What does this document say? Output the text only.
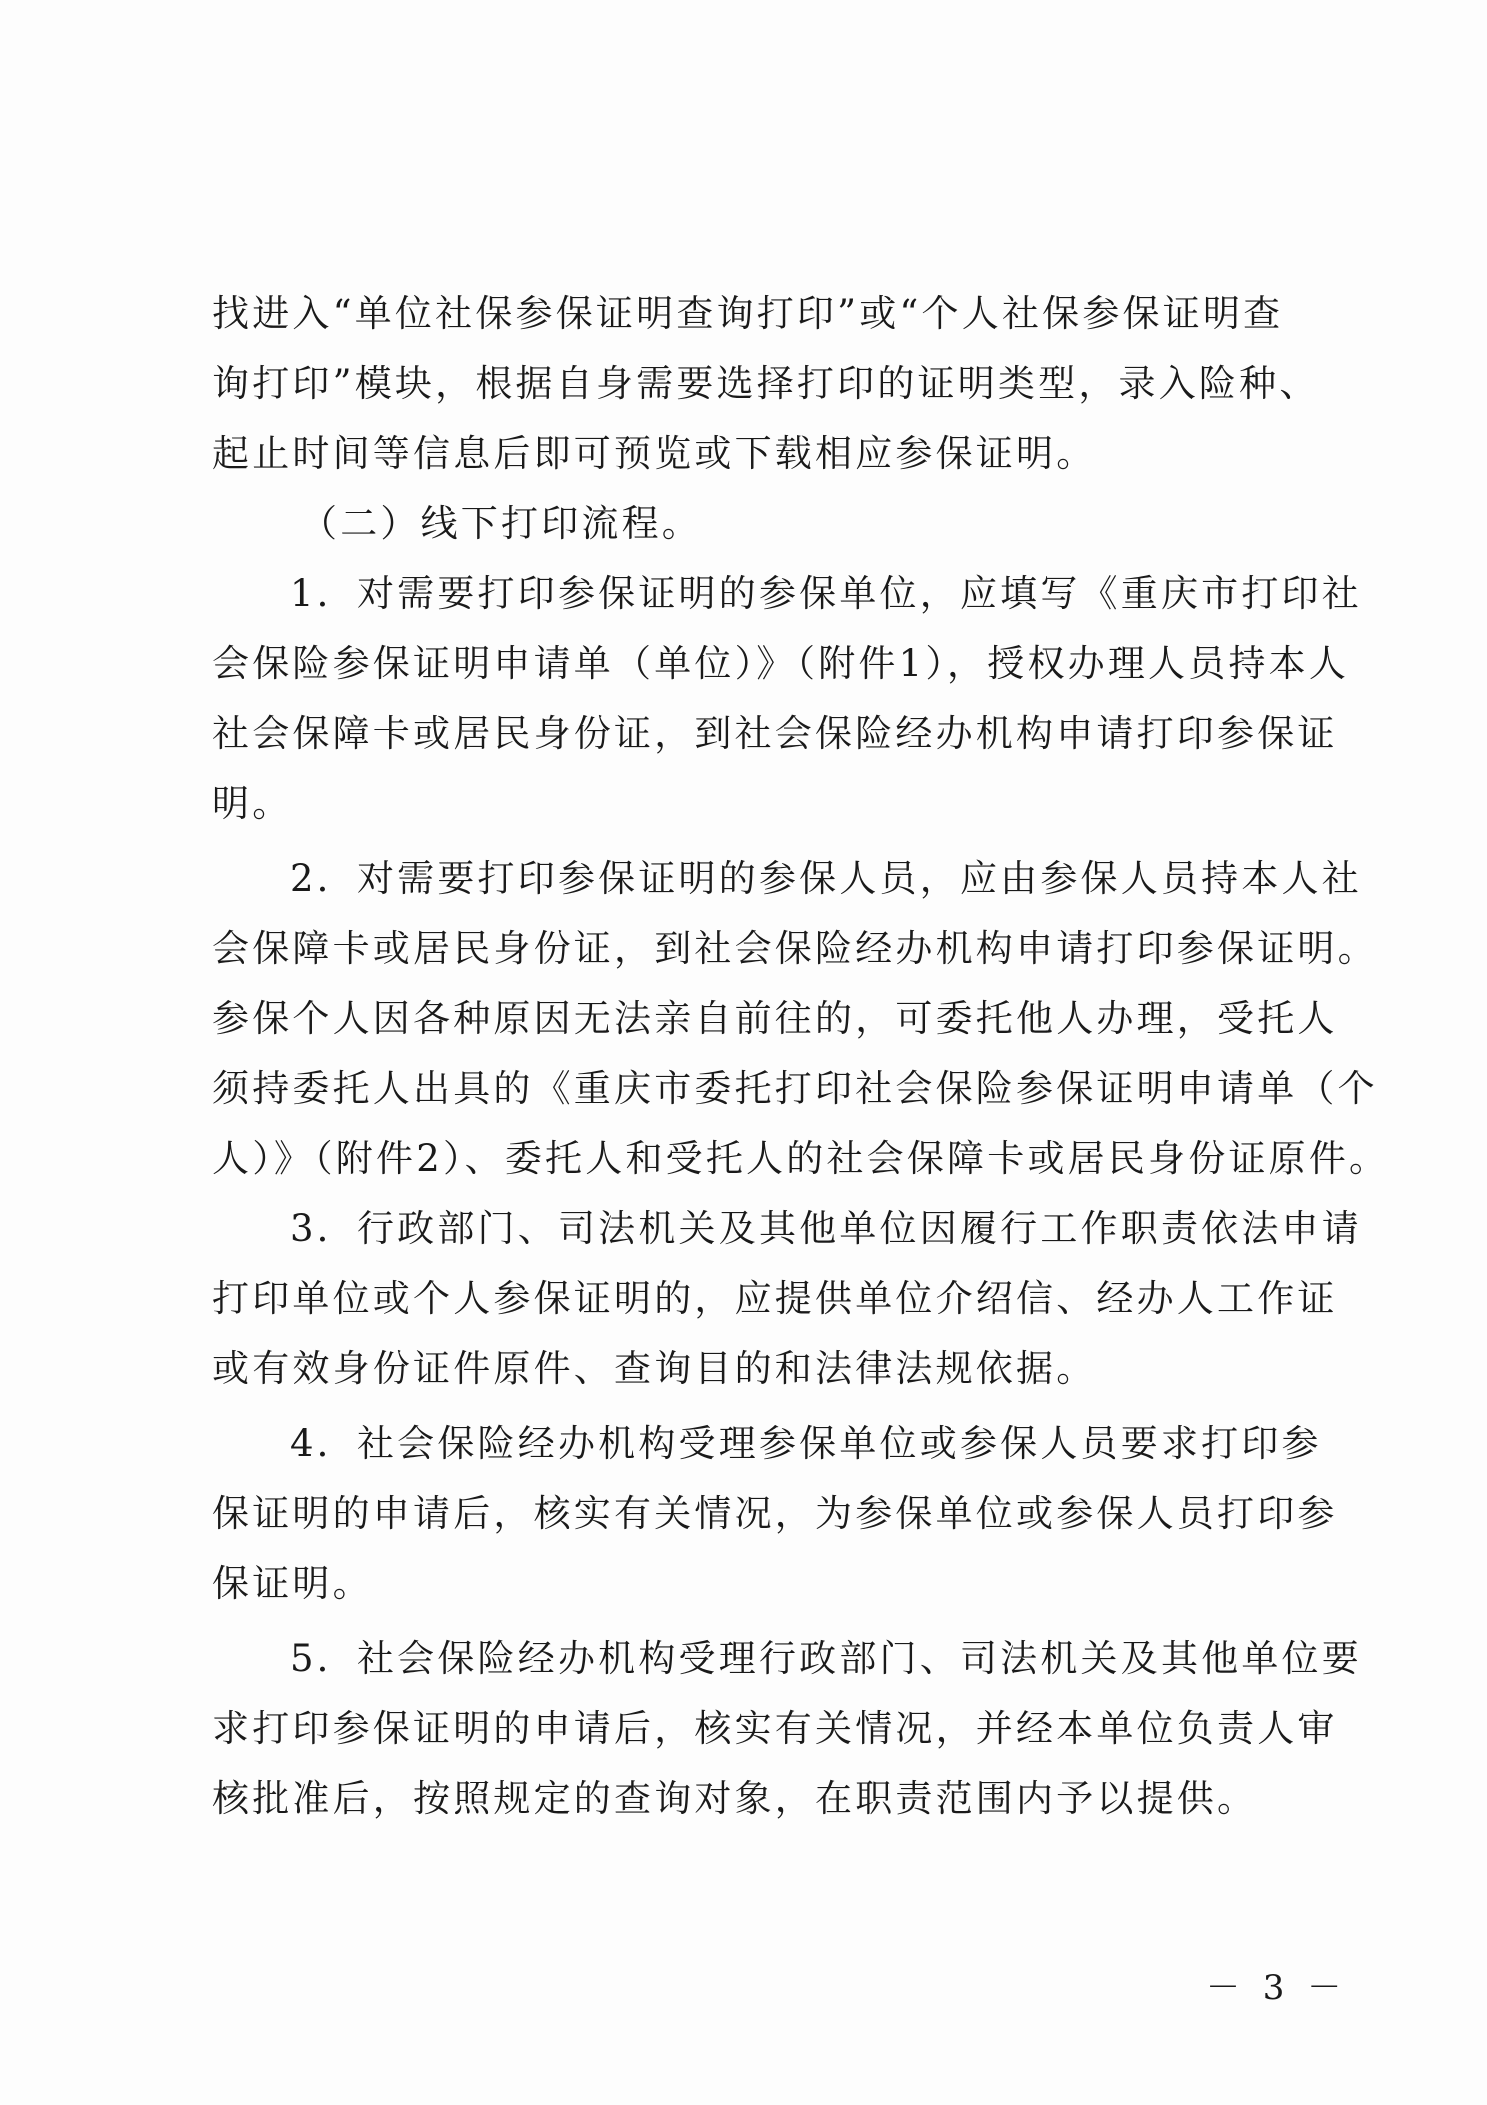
找进入“单位社保参保证明查询打印”或“个人社保参保证明查
询打印”模块，根据自身需要选择打印的证明类型，录入险种、
起止时间等信息后即可预览或下载相应参保证明。
（二）线下打印流程。
1．对需要打印参保证明的参保单位，应填写《重庆市打印社
会保险参保证明申请单（单位）》（附件1），授权办理人员持本人
社会保障卡或居民身份证，到社会保险经办机构申请打印参保证
明。
2．对需要打印参保证明的参保人员，应由参保人员持本人社
会保障卡或居民身份证，到社会保险经办机构申请打印参保证明。
参保个人因各种原因无法亲自前往的，可委托他人办理，受托人
须持委托人出具的《重庆市委托打印社会保险参保证明申请单（个
人）》（附件2）、委托人和受托人的社会保障卡或居民身份证原件。
3．行政部门、司法机关及其他单位因履行工作职责依法申请
打印单位或个人参保证明的，应提供单位介绍信、经办人工作证
或有效身份证件原件、查询目的和法律法规依据。
4．社会保险经办机构受理参保单位或参保人员要求打印参
保证明的申请后，核实有关情况，为参保单位或参保人员打印参
保证明。
5．社会保险经办机构受理行政部门、司法机关及其他单位要
求打印参保证明的申请后，核实有关情况，并经本单位负责人审
核批准后，按照规定的查询对象，在职责范围内予以提供。
－ 3 －
